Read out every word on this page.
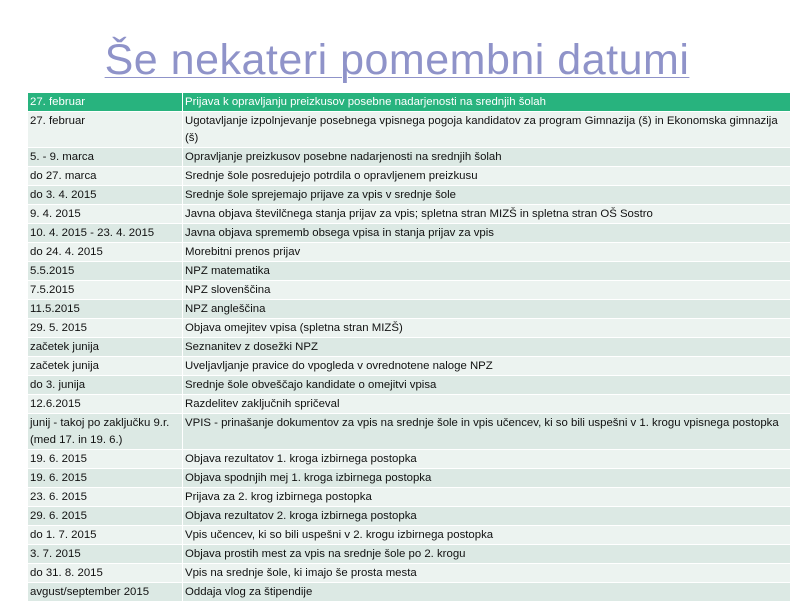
Še nekateri pomembni datumi
27. februar	Prijava k opravljanju preizkusov posebne nadarjenosti na srednjih šolah
27. februar	Ugotavljanje izpolnjevanje posebnega vpisnega pogoja kandidatov za program Gimnazija (š) in Ekonomska gimnazija (š)
5. - 9. marca	Opravljanje preizkusov posebne nadarjenosti na srednjih šolah
do 27. marca	Srednje šole posredujejo potrdila o opravljenem preizkusu
do 3. 4. 2015	Srednje šole sprejemajo prijave za vpis v srednje šole
9. 4. 2015	Javna objava številčnega stanja prijav za vpis; spletna stran MIZŠ in spletna stran OŠ Sostro
10. 4. 2015 - 23. 4. 2015	Javna objava sprememb obsega vpisa in stanja prijav za vpis
do 24. 4. 2015	Morebitni prenos prijav
5.5.2015	NPZ matematika
7.5.2015	NPZ slovenščina
11.5.2015	NPZ angleščina
29. 5. 2015	Objava omejitev vpisa (spletna stran MIZŠ)
začetek junija	Seznanitev z dosežki NPZ
začetek junija	Uveljavljanje pravice do vpogleda v ovrednotene naloge NPZ
do 3. junija	Srednje šole obveščajo kandidate o omejitvi vpisa
12.6.2015	Razdelitev zaključnih spričeval
junij - takoj po zaključku 9.r. (med 17. in 19. 6.)	VPIS - prinašanje dokumentov za vpis na srednje šole in vpis učencev, ki so bili uspešni v 1. krogu vpisnega postopka
19. 6. 2015	Objava rezultatov 1. kroga izbirnega postopka
19. 6. 2015	Objava spodnjih mej 1. kroga izbirnega postopka
23. 6. 2015	Prijava za 2. krog izbirnega postopka
29. 6. 2015	Objava rezultatov 2. kroga izbirnega postopka
do 1. 7. 2015	Vpis učencev, ki so bili uspešni v 2. krogu izbirnega postopka
3. 7. 2015	Objava prostih mest za vpis na srednje šole po 2. krogu
do 31. 8. 2015	Vpis na srednje šole, ki imajo še prosta mesta
avgust/september 2015	Oddaja vlog za štipendije
